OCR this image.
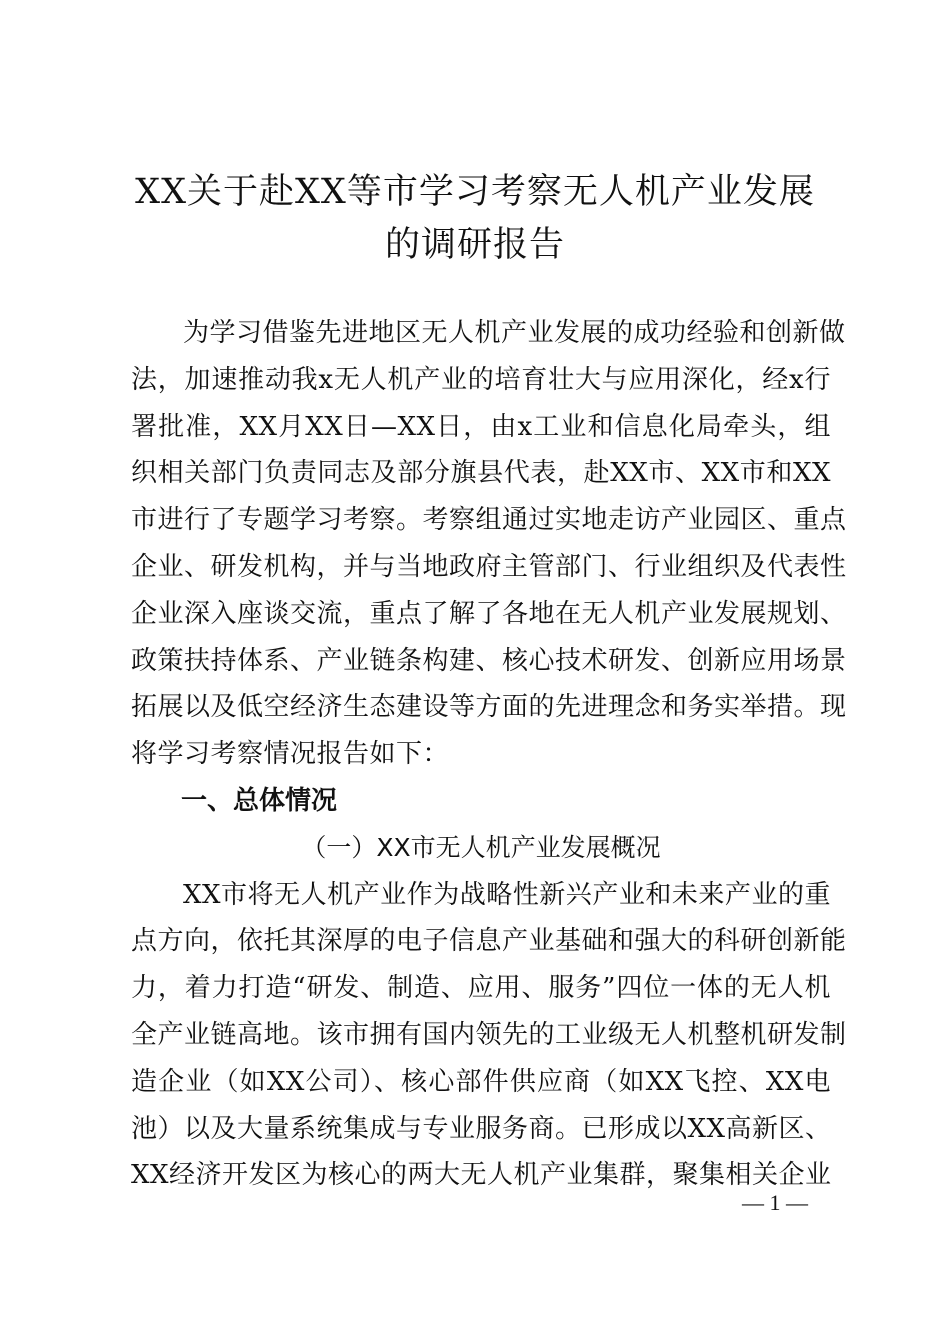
XX关于赴XX等市学习考察无人机产业发展
的调研报告
为学习借鉴先进地区无人机产业发展的成功经验和创新做
法，加速推动我x无人机产业的培育壮大与应用深化，经x行
署批准，XX月XX日—XX日，由x工业和信息化局牵头，组
织相关部门负责同志及部分旗县代表，赴XX市、XX市和XX
市进行了专题学习考察。考察组通过实地走访产业园区、重点
企业、研发机构，并与当地政府主管部门、行业组织及代表性
企业深入座谈交流，重点了解了各地在无人机产业发展规划、
政策扶持体系、产业链条构建、核心技术研发、创新应用场景
拓展以及低空经济生态建设等方面的先进理念和务实举措。现
将学习考察情况报告如下：
一、总体情况
（一）XX市无人机产业发展概况
XX市将无人机产业作为战略性新兴产业和未来产业的重
点方向，依托其深厚的电子信息产业基础和强大的科研创新能
力，着力打造“研发、制造、应用、服务”四位一体的无人机
全产业链高地。该市拥有国内领先的工业级无人机整机研发制
造企业（如XX公司）、核心部件供应商（如XX飞控、XX电
池）以及大量系统集成与专业服务商。已形成以XX高新区、
XX经济开发区为核心的两大无人机产业集群，聚集相关企业
— 1 —
